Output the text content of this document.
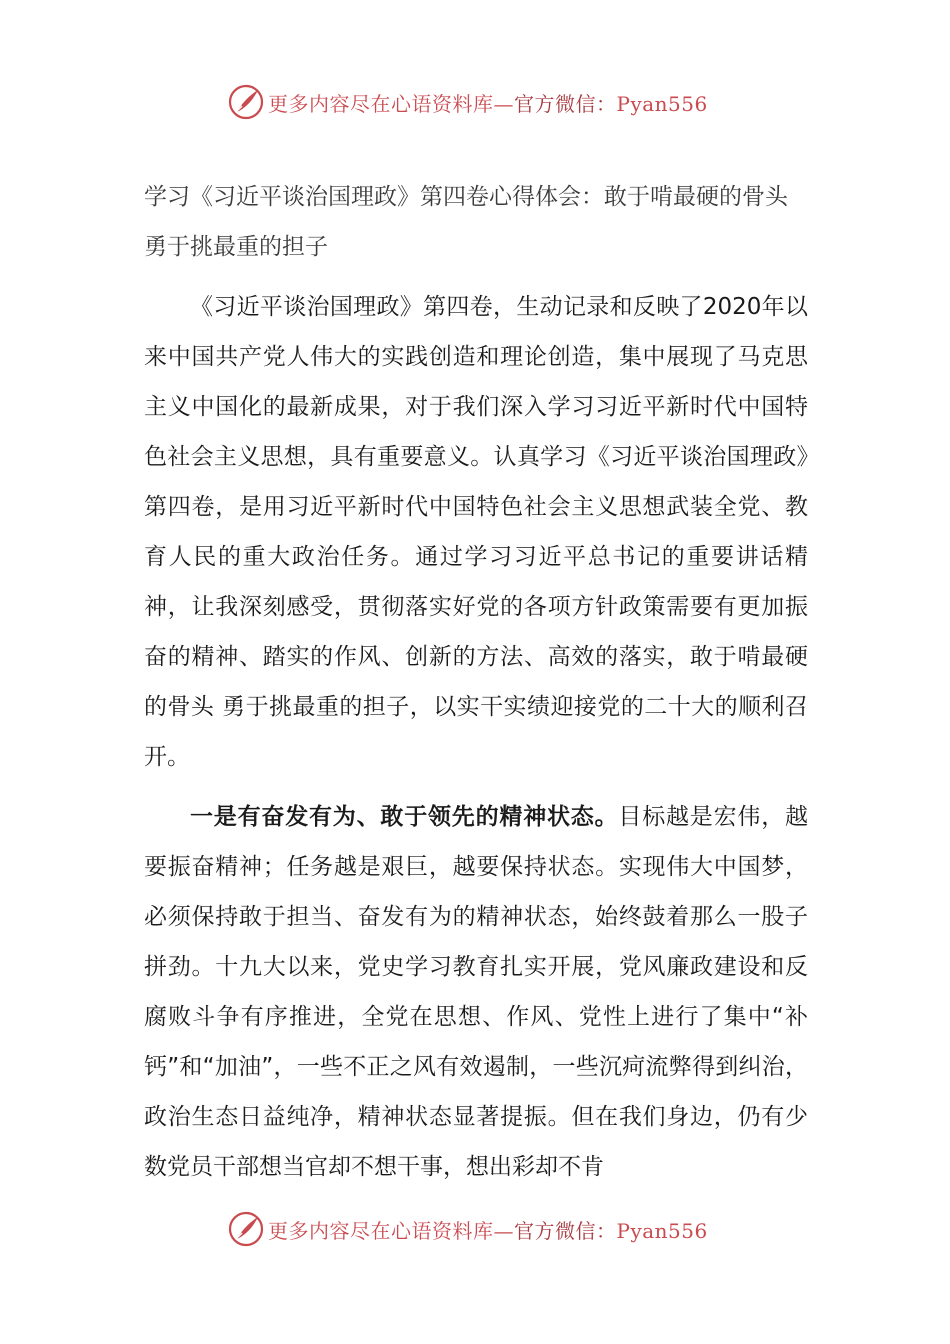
更多内容尽在心语资料库—官方微信：Pyan556
学习《习近平谈治国理政》第四卷心得体会：敢于啃最硬的骨头 勇于挑最重的担子

《习近平谈治国理政》第四卷，生动记录和反映了2020年以来中国共产党人伟大的实践创造和理论创造，集中展现了马克思主义中国化的最新成果，对于我们深入学习习近平新时代中国特色社会主义思想，具有重要意义。认真学习《习近平谈治国理政》第四卷，是用习近平新时代中国特色社会主义思想武装全党、教育人民的重大政治任务。通过学习习近平总书记的重要讲话精神，让我深刻感受，贯彻落实好党的各项方针政策需要有更加振奋的精神、踏实的作风、创新的方法、高效的落实，敢于啃最硬的骨头 勇于挑最重的担子，以实干实绩迎接党的二十大的顺利召开。

一是有奋发有为、敢于领先的精神状态。目标越是宏伟，越要振奋精神；任务越是艰巨，越要保持状态。实现伟大中国梦，必须保持敢于担当、奋发有为的精神状态，始终鼓着那么一股子拼劲。十九大以来，党史学习教育扎实开展，党风廉政建设和反腐败斗争有序推进，全党在思想、作风、党性上进行了集中“补钙”和“加油”，一些不正之风有效遏制，一些沉疴流弊得到纠治，政治生态日益纯净，精神状态显著提振。但在我们身边，仍有少数党员干部想当官却不想干事，想出彩却不肯

更多内容尽在心语资料库—官方微信：Pyan556
